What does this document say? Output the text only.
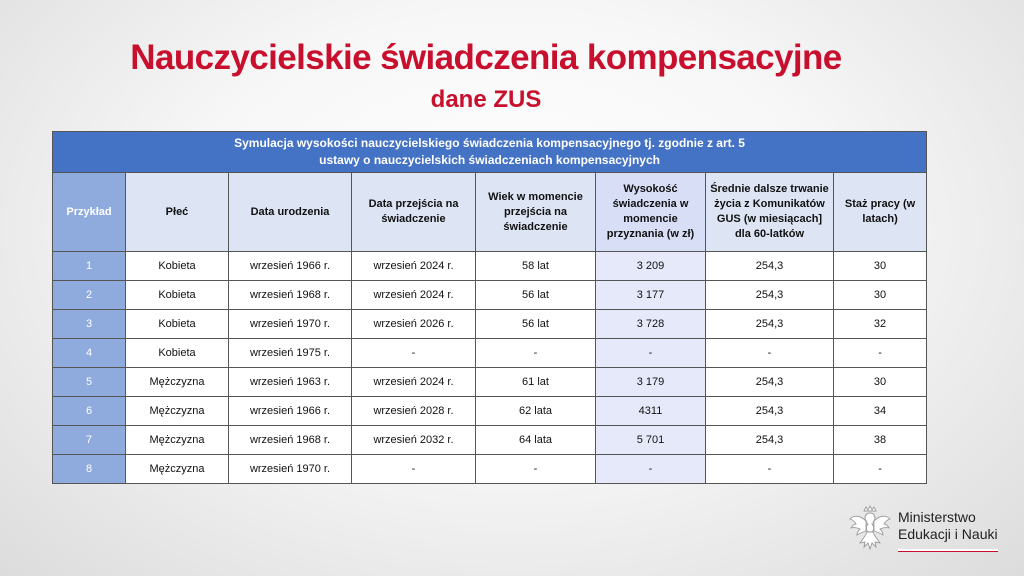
Nauczycielskie świadczenia kompensacyjne
dane ZUS
Symulacja wysokości nauczycielskiego świadczenia kompensacyjnego tj. zgodnie z art. 5
ustawy o nauczycielskich świadczeniach kompensacyjnych							
Przykład	Płeć	Data urodzenia	Data przejścia na świadczenie	Wiek w momencie przejścia na świadczenie	Wysokość świadczenia w momencie przyznania (w zł)	Średnie dalsze trwanie życia z Komunikatów GUS (w miesiącach] dla 60-latków	Staż pracy (w latach)
1	Kobieta	wrzesień 1966 r.	wrzesień 2024 r.	58 lat	3 209	254,3	30
2	Kobieta	wrzesień 1968 r.	wrzesień 2024 r.	56 lat	3 177	254,3	30
3	Kobieta	wrzesień 1970 r.	wrzesień 2026 r.	56 lat	3 728	254,3	32
4	Kobieta	wrzesień 1975 r.	-	-	-	-	-
5	Mężczyzna	wrzesień 1963 r.	wrzesień 2024 r.	61 lat	3 179	254,3	30
6	Mężczyzna	wrzesień 1966 r.	wrzesień 2028 r.	62 lata	4311	254,3	34
7	Mężczyzna	wrzesień 1968 r.	wrzesień 2032 r.	64 lata	5 701	254,3	38
8	Mężczyzna	wrzesień 1970 r.	-	-	-	-	-
Ministerstwo
Edukacji i Nauki
